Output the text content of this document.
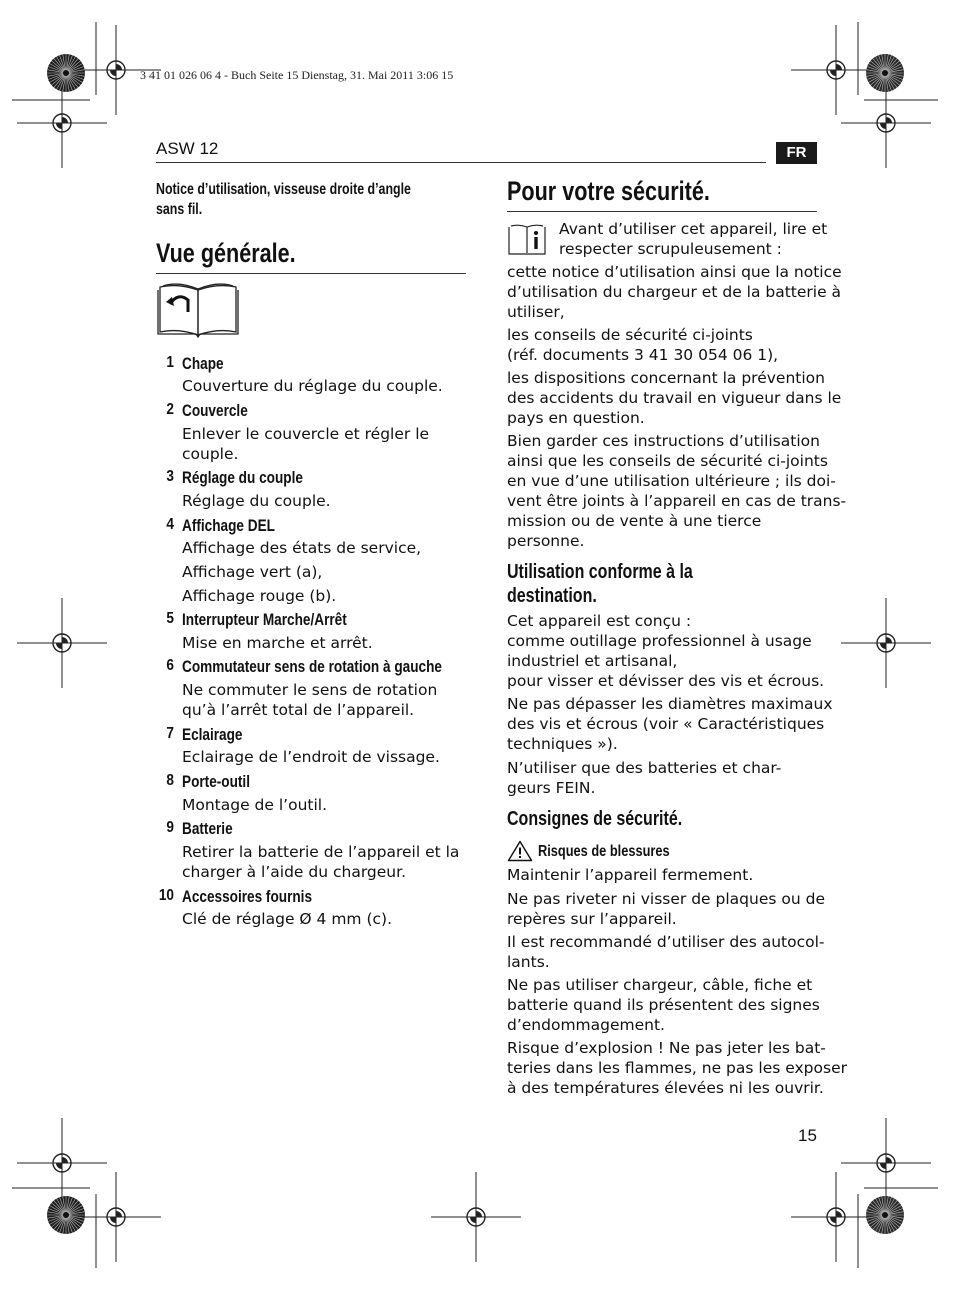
3 41 01 026 06 4 - Buch Seite 15 Dienstag, 31. Mai 2011 3:06 15
ASW 12	FR
Notice d’utilisation, visseuse droite d’angle
sans fil.
Vue générale.
1 Chape
Couverture du réglage du couple.
2 Couvercle
Enlever le couvercle et régler le
couple.
3 Réglage du couple
Réglage du couple.
4 Affichage DEL
Affichage des états de service,
Affichage vert (a),
Affichage rouge (b).
5 Interrupteur Marche/Arrêt
Mise en marche et arrêt.
6 Commutateur sens de rotation à gauche
Ne commuter le sens de rotation
qu’à l’arrêt total de l’appareil.
7 Eclairage
Eclairage de l’endroit de vissage.
8 Porte-outil
Montage de l’outil.
9 Batterie
Retirer la batterie de l’appareil et la
charger à l’aide du chargeur.
10 Accessoires fournis
Clé de réglage Ø 4 mm (c).
Pour votre sécurité.
Avant d’utiliser cet appareil, lire et
respecter scrupuleusement :
cette notice d’utilisation ainsi que la notice
d’utilisation du chargeur et de la batterie à
utiliser,
les conseils de sécurité ci-joints
(réf. documents 3 41 30 054 06 1),
les dispositions concernant la prévention
des accidents du travail en vigueur dans le
pays en question.
Bien garder ces instructions d’utilisation
ainsi que les conseils de sécurité ci-joints
en vue d’une utilisation ultérieure ; ils doi-
vent être joints à l’appareil en cas de trans-
mission ou de vente à une tierce
personne.
Utilisation conforme à la
destination.
Cet appareil est conçu :
comme outillage professionnel à usage
industriel et artisanal,
pour visser et dévisser des vis et écrous.
Ne pas dépasser les diamètres maximaux
des vis et écrous (voir « Caractéristiques
techniques »).
N’utiliser que des batteries et char-
geurs FEIN.
Consignes de sécurité.
Risques de blessures
Maintenir l’appareil fermement.
Ne pas riveter ni visser de plaques ou de
repères sur l’appareil.
Il est recommandé d’utiliser des autocol-
lants.
Ne pas utiliser chargeur, câble, fiche et
batterie quand ils présentent des signes
d’endommagement.
Risque d’explosion ! Ne pas jeter les bat-
teries dans les flammes, ne pas les exposer
à des températures élevées ni les ouvrir.
15
